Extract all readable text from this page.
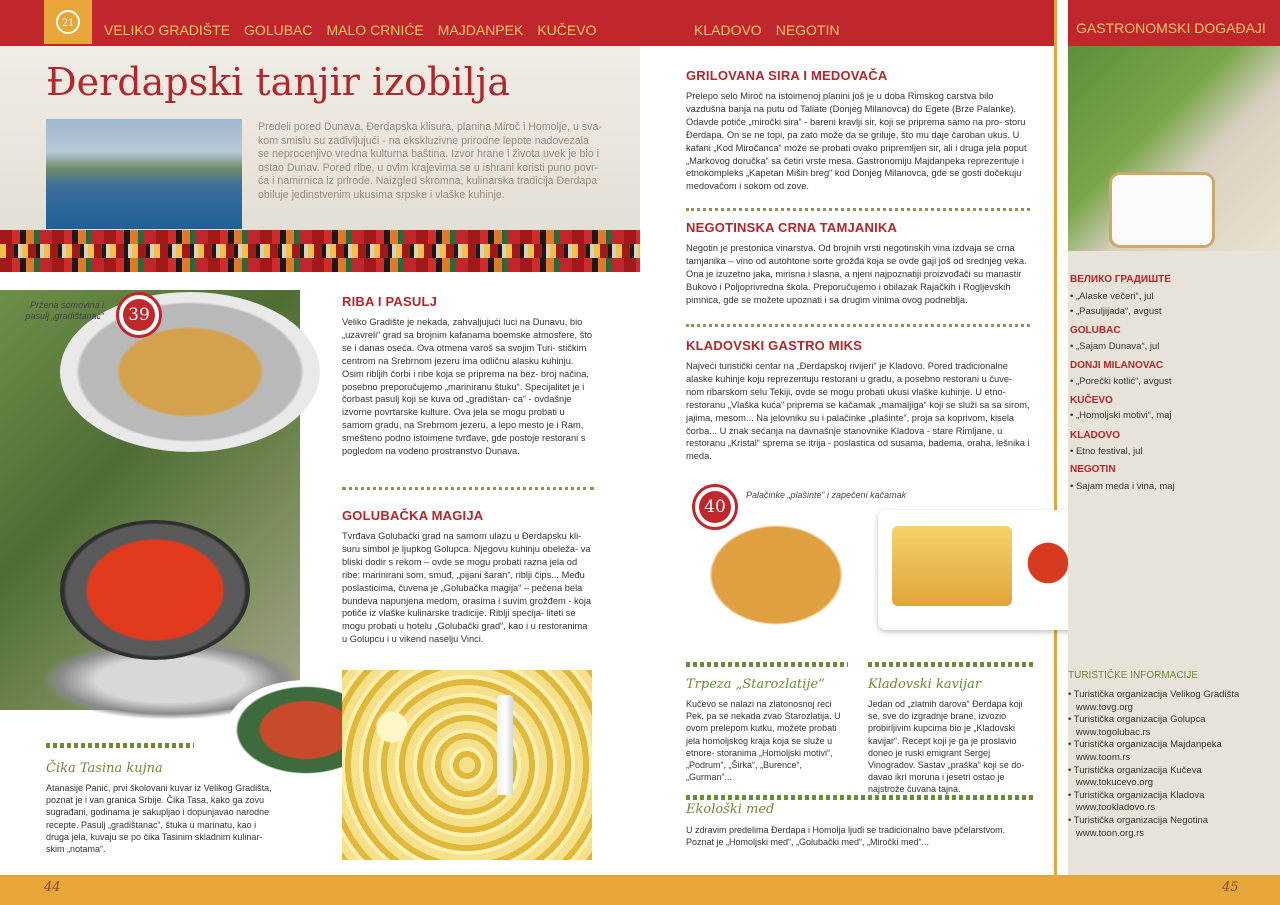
21	VELIKO GRADIŠTE GOLUBAC MALO CRNIĆE MAJDANPEK KUČEVO	KLADOVO NEGOTIN	GASTRONOMSKI DOGAĐAJI
Đerdapski tanjir izobilja
Predeli pored Dunava, Đerdapska klisura, planina Miroč i Homolje, u sva- kom smislu su zadivljujući - na ekskluzivne prirodne lepote nadovezala se neprocenjivo vredna kulturna baština. Izvor hrane i života uvek je bio i ostao Dunav. Pored ribe, u ovim krajevima se u ishrani koristi puno povr- ća i namirnica iz prirode. Naizgled skromna, kulinarska tradicija Đerdapa obiluje jedinstvenim ukusima srpske i vlaške kuhinje.
Pržena somovina i pasulj „gradištanac“	39
RIBA I PASULJ
Veliko Gradište je nekada, zahvaljujući luci na Dunavu, bio „uzavreli“ grad sa brojnim kafanama boemske atmosfere, što se i danas oseća. Ova otmena varoš sa svojim Turi- stičkim centrom na Srebrnom jezeru ima odličnu alasku kuhinju. Osim riblјih čorbi i ribe koja se priprema na bez- broj načina, posebno preporučujemo „mariniranu štuku“. Specijalitet je i čorbast pasulj koji se kuva od „gradištan- ca“ - ovdašnje izvorne povrtarske kulture. Ova jela se mogu probati u samom gradu, na Srebrnom jezeru, a lepo mesto je i Ram, smešteno podno istoimene tvrđave, gde postoje restorani s pogledom na vodeno prostranstvo Dunava.
GOLUBAČKA MAGIJA
Tvrđava Golubački grad na samom ulazu u Đerdapsku kli- suru simbol je ljupkog Golupca. Njegovu kuhinju obeleža- va bliski dodir s rekom – ovde se mogu probati razna jela od ribe: marinirani som, smuđ, „pijani šaran“, riblji čips... Među poslasticima, čuvena je „Golubačka magija“ – pečena bela bundeva napunjena medom, orasima i suvim grožđem - koja potiče iz vlaške kulinarske tradicije. Riblji specija- liteti se mogu probati u hotelu „Golubački grad“, kao i u restoranima u Golupcu i u vikend naselju Vinci.
Čika Tasina kujna
Atanasije Panić, prvi školovani kuvar iz Velikog Gradišta, poznat je i van granica Srbije. Čika Tasa, kako ga zovu sugrađani, godinama je sakupljao i dopunjavao narodne recepte. Pasulj „gradištanac“, štuka u marinatu, kao i druga jela, kuvaju se po čika Tasinim skladnim kulinar- skim „notama“.
GRILOVANA SIRA I MEDOVAČA
Prelepo selo Miroč na istoimenoj planini još je u doba Rimskog carstva bilo vazdušna banja na putu od Taliate (Donjeg Milanovca) do Egete (Brze Palanke). Odavde potiče „miročki sira“ - bareni kravlji sir, koji se priprema samo na pro- storu Đerdapa. On se ne topi, pa zato može da se griluje, što mu daje čaroban ukus. U kafani „Kod Miročanca“ može se probati ovako pripremljen sir, ali i druga jela poput „Markovog doručka“ sa četiri vrste mesa. Gastronomiju Majdanpeka reprezentuje i etnokompleks „Kapetan Mišin breg“ kod Donjeg Milanovca, gde se gosti dočekuju medovačom i sokom od zove.
NEGOTINSKA CRNA TAMJANIKA
Negotin je prestonica vinarstva. Od brojnih vrsti negotinskih vina izdvaja se crna tamjanika – vino od autohtone sorte grožđa koja se ovde gaji još od srednjeg veka. Ona je izuzetno jaka, mirisna i slasna, a njeni najpoznatiji proizvođači su manastir Bukovo i Poljoprivredna škola. Preporučujemo i obilazak Rajačkih i Rogljevskih pimnica, gde se možete upoznati i sa drugim vinima ovog podneblja.
KLADOVSKI GASTRO MIKS
Najveći turistički centar na „Đerdapskoj rivijeri“ je Kladovo. Pored tradicionalne alaske kuhinje koju reprezentuju restorani u gradu, a posebno restorani u čuve- nom ribarskom selu Tekiji, ovde se mogu probati ukusi vlaške kuhinje. U etno- restoranu „Vlaška kuća“ priprema se kačamak „mamaljiga“ koji se služi sa sa sirom, jajima, mesom... Na jelovniku su i palačinke „plašinte“, proja sa koprivom, kisela čorba... U znak sećanja na davnašnje stanovnike Kladova - stare Rimljane, u restoranu „Kristal“ sprema se itrija - poslastica od susama, badema, oraha, lešnika i meda.
40
Palačinke „plašinte“ i zapečeni kačamak
Trpeza „Starozlatije“
Kučevo se nalazi na zlatonosnoj reci Pek, pa se nekada zvao Starozlatija. U ovom prelepom kutku, možete probati jela homoljskog kraja koja se služe u etnore- storanima „Homoljski motivi“, „Podrum“, „Širka“, „Burence“, „Gurman“...
Kladovski kavijar
Jedan od „zlatnih darova“ Đerdapa koji se, sve do izgradnje brane, izvozio probirljivim kupcima bio je „Kladovski kavijar“. Recept koji je ga je proslavio doneo je ruski emigrant Sergej Vinogradov. Sastav „praška“ koji se do- davao ikri moruna i jesetri ostao je najstrože čuvana tajna.
Ekološki med
U zdravim predelima Đerdapa i Homolja ljudi se tradicionalno bave pčelarstvom. Poznat je „Homoljski med“, „Golubački med“, „Miročki med“...
ВЕЛИКО ГРАДИШТЕ
• „Alaske večeri“, jul
• „Pasuljijada“, avgust
GOLUBAC
• „Sajam Dunava“, jul
DONJI MILANOVAC
• „Porečki kotlić“, avgust
KUČEVO
• „Homoljski motivi“, maj
KLADOVO
• Etno festival, jul
NEGOTIN
• Sajam meda i vina, maj
TURISTIČKE INFORMACIJE
• Turistička organizacija Velikog Gradišta
www.tovg.org
• Turistička organizacija Golupca
www.togolubac.rs
• Turistička organizacija Majdanpeka
www.toom.rs
• Turistička organizacija Kučeva
www.tokucevo.org
• Turistička organizacija Kladova
www.tookladovo.rs
• Turistička organizacija Negotina
www.toon.org.rs
44	45
